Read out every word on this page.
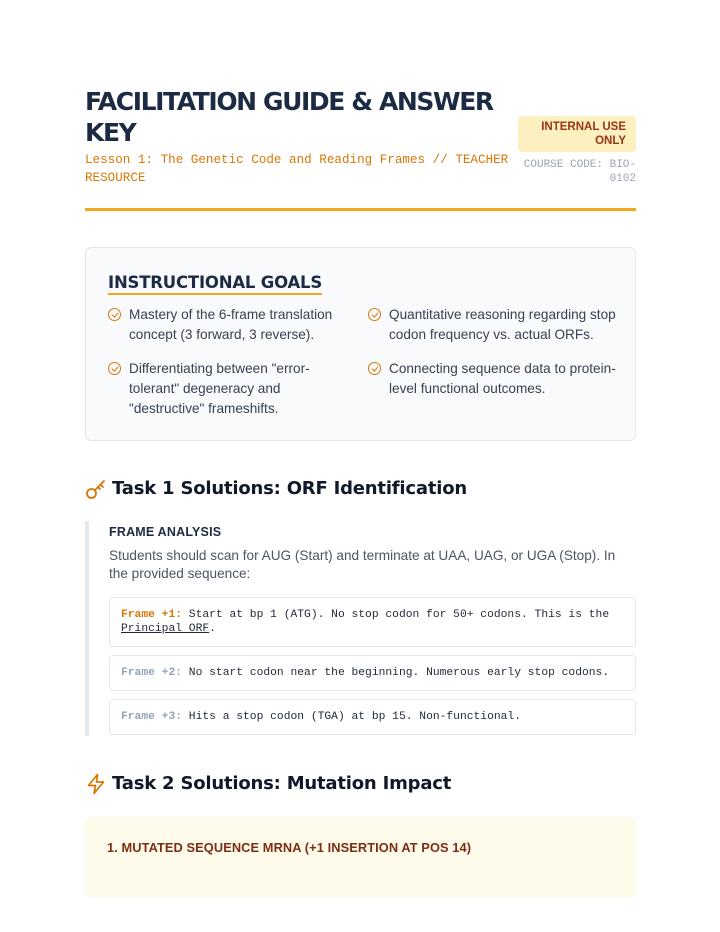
FACILITATION GUIDE & ANSWER KEY
Lesson 1: The Genetic Code and Reading Frames // TEACHER RESOURCE
INTERNAL USE ONLY
COURSE CODE: BIO-0102
INSTRUCTIONAL GOALS
Mastery of the 6-frame translation concept (3 forward, 3 reverse).
Quantitative reasoning regarding stop codon frequency vs. actual ORFs.
Differentiating between "error-tolerant" degeneracy and "destructive" frameshifts.
Connecting sequence data to protein-level functional outcomes.
Task 1 Solutions: ORF Identification
FRAME ANALYSIS
Students should scan for AUG (Start) and terminate at UAA, UAG, or UGA (Stop). In the provided sequence:
Frame +1: Start at bp 1 (ATG). No stop codon for 50+ codons. This is the Principal ORF.
Frame +2: No start codon near the beginning. Numerous early stop codons.
Frame +3: Hits a stop codon (TGA) at bp 15. Non-functional.
Task 2 Solutions: Mutation Impact
1. MUTATED SEQUENCE MRNA (+1 INSERTION AT POS 14)
